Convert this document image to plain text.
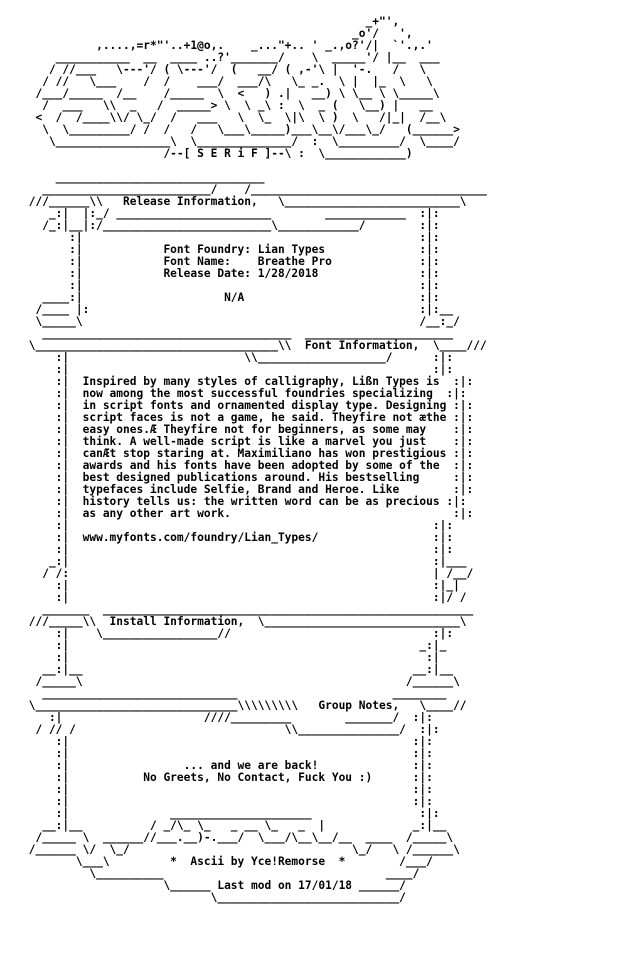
_+"',
_o'/   ',
,....,=r*"'..+1@o,.    _..."+.. ' _.,o?'/|  `'.,.'
___________  __  ____ ..?'_______/    \  _____'/ |__  ___
/ //___   \---'/ ( \---'/  (   __/ ( ,-'\ |  '-.   /   \
/ //   \___    /  /    ___/  ___/\   \_ _.  \ |  |_  \   \
/___/_____  /__    /_____  \  <   ) .|   __) \ \__ \ \_____\
/  ___   \\  _   /  _____> \  \ _\ :  \  _ (   \__) |   __
<  /  /____\\/ \_/  /   ___   \  \_  \|\  \ )  \   /|_|  /__\
\  \_________/ /  /   /   \___\_____)___\__\/___\_/   (______>
\_________________\  \______________/  :  \_________/  \____/
/--[ S E R i F ]--\ :  \____________)
_______________________________
_________________________/    /___________________________________
///______\\   Release Information,   \__________________________\
_:|  |:_/ _______________________        ____________  :|:
/_:|__|:/_________________________\____________/        :|:
:|                                                  :|:
:|            Font Foundry: Lian Types              :|:
:|            Font Name:    Breathe Pro             :|:
:|            Release Date: 1/28/2018               :|:
:|                                                  :|:
____:|                     N/A                          :|:
/____ |:                                                 :|:__
\_____\                                                  /__:_/
_____________________________________  ______________________
\____________________________________\\  Font Information,  \____///
:|                          \\___________________/      :|:
:|                                                      :|:
:|  Inspired by many styles of calligraphy, Lißn Types is  :|:
:|  now among the most successful foundries specializing  :|:
:|  in script fonts and ornamented display type. Designing :|:
:|  script faces is not a game, he said. Theyfire not æthe :|:
:|  easy ones.Æ Theyfire not for beginners, as some may    :|:
:|  think. A well-made script is like a marvel you just    :|:
:|  canÆt stop staring at. Maximiliano has won prestigious :|:
:|  awards and his fonts have been adopted by some of the  :|:
:|  best designed publications around. His bestselling     :|:
:|  typefaces include Selfie, Brand and Heroe. Like        :|:
:|  history tells us: the written word can be as precious :|:
:|  as any other art work.                                 :|:
:|                                                      :|:
:|  www.myfonts.com/foundry/Lian_Types/                 :|:
:|                                                      :|:
_:|                                                      :|___
/ /:                                                      | /__/
:|                                                      :|_|
:|                                                      :|/ /
_______  _______________________________________________________
///_____\\  Install Information,  \_____________________________\
:|    \_________________//                              :|:
:|                                                    _:|_
:|                                                     :|
__:|__                                                 __:|__
/_____\                                                /______\
_____________________________                       ________
\______________________________\\\\\\\\\   Group Notes,   \____//
:|                     ////_________        _______/  :|:
/ // /                               \\_______________/  :|:
:|                                                   :|:
:|                                                   :|:
:|                 ... and we are back!              :|:
:|           No Greets, No Contact, Fuck You :)      :|:
:|                                                   :|:
:|                                                   :|:
:|               _____________________                :|:
__:|__          / _/\_ \_   _ __ \_   _  |             _:|__
/_____ \  ______//___.__)-.___/  \___/\__\__/__  ____  /_____\
/______ \/  \_/                                 \_/   \ /______\
\___\         *  Ascii by Yce!Remorse  *        /___/
\__________                                 ____/
\______ Last mod on 17/01/18 ______/
\___________________________/
